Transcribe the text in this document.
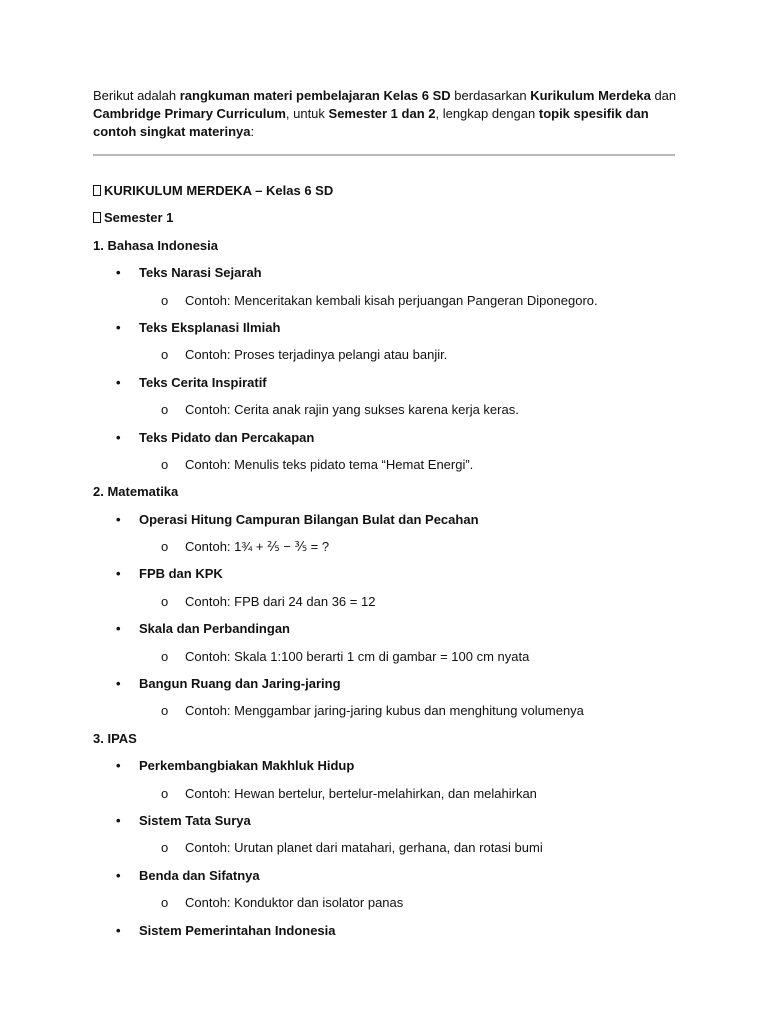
Berikut adalah rangkuman materi pembelajaran Kelas 6 SD berdasarkan Kurikulum Merdeka dan
Cambridge Primary Curriculum, untuk Semester 1 dan 2, lengkap dengan topik spesifik dan contoh singkat materinya:

KURIKULUM MERDEKA – Kelas 6 SD
Semester 1
1. Bahasa Indonesia
• Teks Narasi Sejarah
o Contoh: Menceritakan kembali kisah perjuangan Pangeran Diponegoro.
• Teks Eksplanasi Ilmiah
o Contoh: Proses terjadinya pelangi atau banjir.
• Teks Cerita Inspiratif
o Contoh: Cerita anak rajin yang sukses karena kerja keras.
• Teks Pidato dan Percakapan
o Contoh: Menulis teks pidato tema “Hemat Energi”.
2. Matematika
• Operasi Hitung Campuran Bilangan Bulat dan Pecahan
o Contoh: 1¾ + ⅖ − ⅗ = ?
• FPB dan KPK
o Contoh: FPB dari 24 dan 36 = 12
• Skala dan Perbandingan
o Contoh: Skala 1:100 berarti 1 cm di gambar = 100 cm nyata
• Bangun Ruang dan Jaring-jaring
o Contoh: Menggambar jaring-jaring kubus dan menghitung volumenya
3. IPAS
• Perkembangbiakan Makhluk Hidup
o Contoh: Hewan bertelur, bertelur-melahirkan, dan melahirkan
• Sistem Tata Surya
o Contoh: Urutan planet dari matahari, gerhana, dan rotasi bumi
• Benda dan Sifatnya
o Contoh: Konduktor dan isolator panas
• Sistem Pemerintahan Indonesia
